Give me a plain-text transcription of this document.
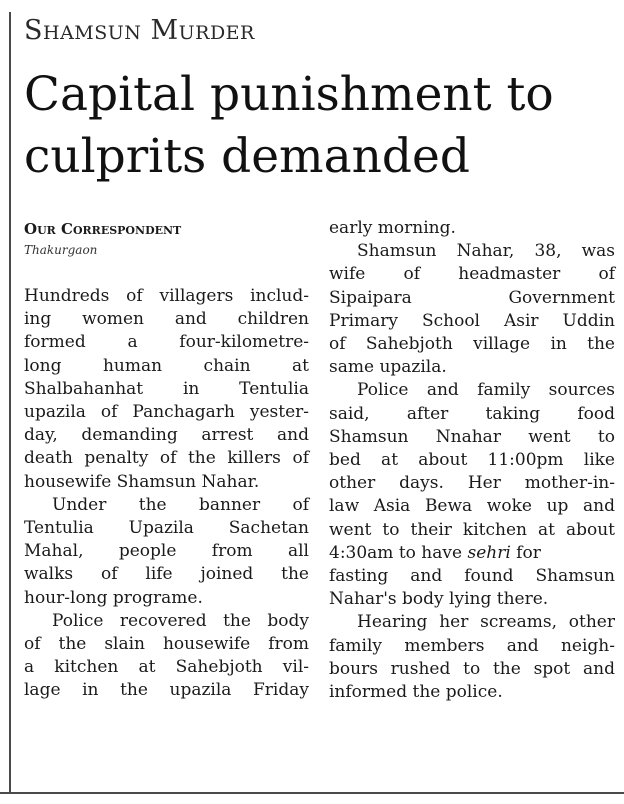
Shamsun Murder
Capital punishment to
culprits demanded
Our Correspondent
Thakurgaon
Hundreds of villagers includ-
ing women and children
formed a four-kilometre-
long human chain at
Shalbahanhat in Tentulia
upazila of Panchagarh yester-
day, demanding arrest and
death penalty of the killers of
housewife Shamsun Nahar.
Under the banner of
Tentulia Upazila Sachetan
Mahal, people from all
walks of life joined the
hour-long programe.
Police recovered the body
of the slain housewife from
a kitchen at Sahebjoth vil-
lage in the upazila Friday
early morning.
Shamsun Nahar, 38, was
wife of headmaster of
Sipaipara Government
Primary School Asir Uddin
of Sahebjoth village in the
same upazila.
Police and family sources
said, after taking food
Shamsun Nnahar went to
bed at about 11:00pm like
other days. Her mother-in-
law Asia Bewa woke up and
went to their kitchen at about
4:30am to have sehri for
fasting and found Shamsun
Nahar's body lying there.
Hearing her screams, other
family members and neigh-
bours rushed to the spot and
informed the police.
